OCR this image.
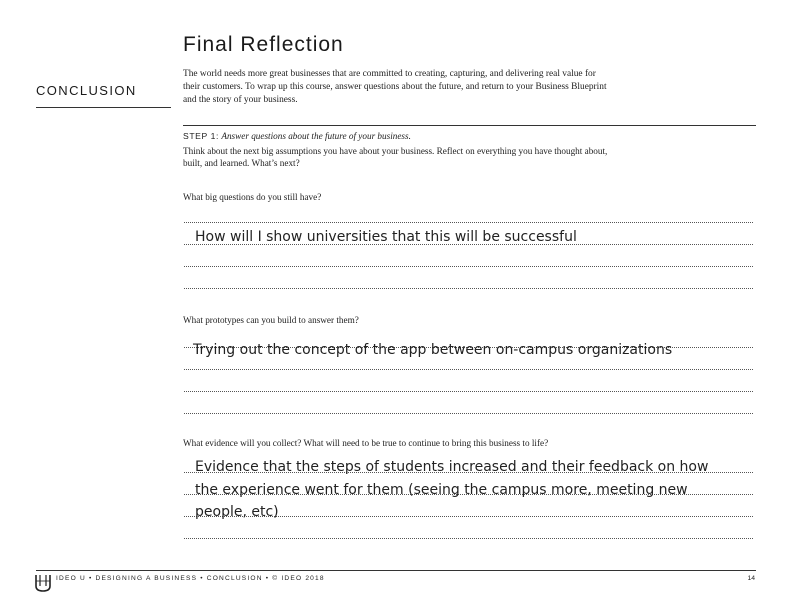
Final Reflection
CONCLUSION
The world needs more great businesses that are committed to creating, capturing, and delivering real value for their customers. To wrap up this course, answer questions about the future, and return to your Business Blueprint and the story of your business.
STEP 1: Answer questions about the future of your business.
Think about the next big assumptions you have about your business. Reflect on everything you have thought about, built, and learned. What’s next?
What big questions do you still have?
How will I show universities that this will be successful
What prototypes can you build to answer them?
Trying out the concept of the app between on-campus organizations
What evidence will you collect? What will need to be true to continue to bring this business to life?
Evidence that the steps of students increased and their feedback on how the experience went for them (seeing the campus more, meeting new people, etc)
IDEO U • DESIGNING A BUSINESS • CONCLUSION • © IDEO 2018	14
